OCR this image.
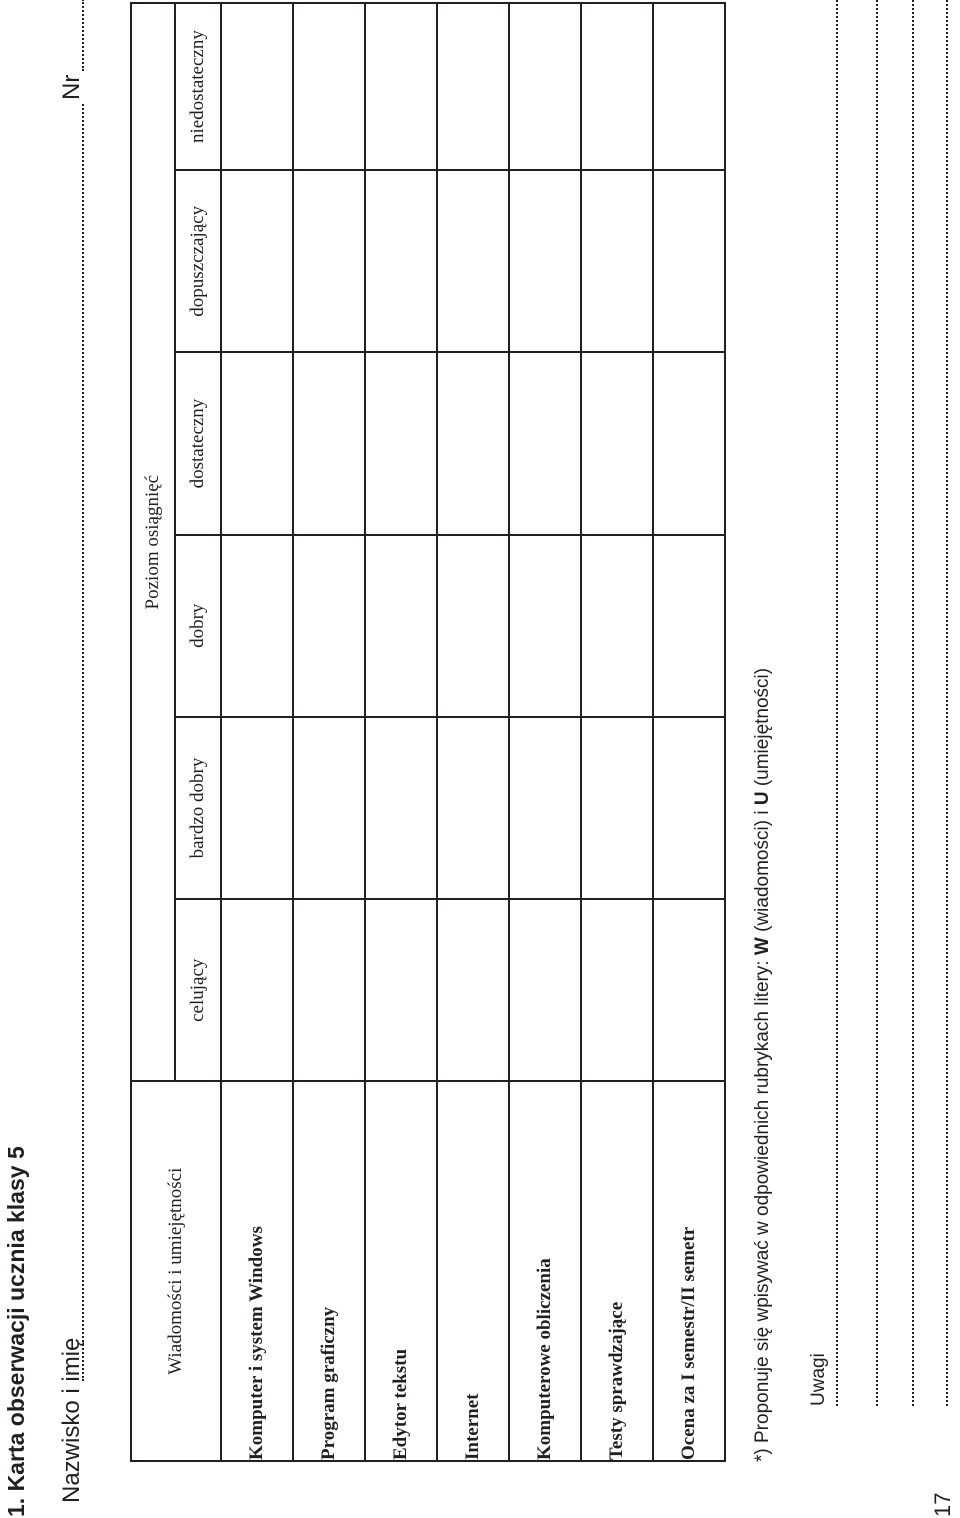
1. Karta obserwacji ucznia klasy 5 Nazwisko i imię
Nr
Wiadomości i umiejętności	Poziom osiągnięć					
	celujący	bardzo dobry	dobry	dostateczny	dopuszczający	niedostateczny
Komputer i system Windows						
Program graficzny						
Edytor tekstu						
Internet						
Komputerowe obliczenia						
Testy sprawdzające						
Ocena za I semestr/II semetr							*) Proponuje się wpisywać w odpowiednich rubrykach litery: W (wiadomości) i U (umiejętności)
Uwagi
17
